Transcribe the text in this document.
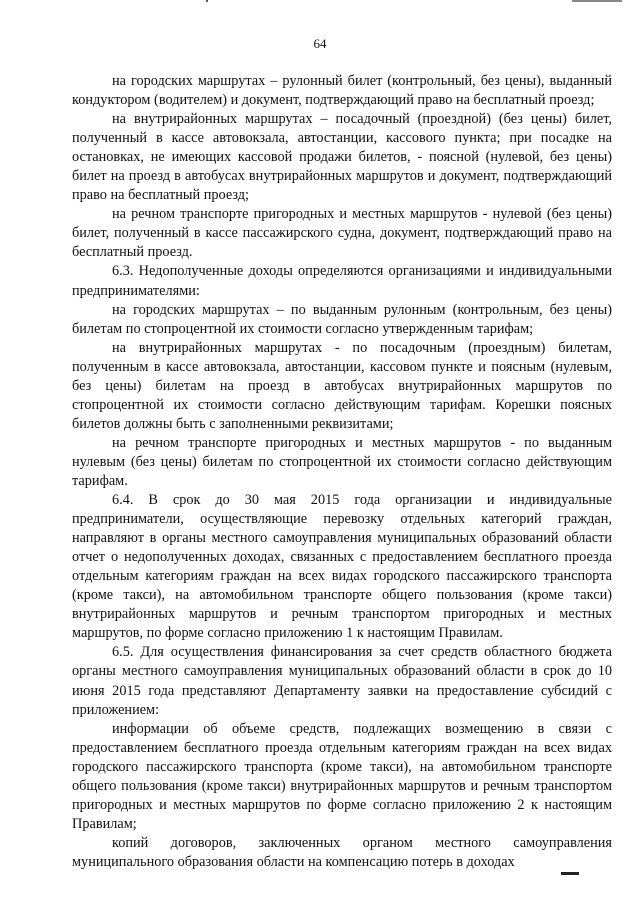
64

на городских маршрутах – рулонный билет (контрольный, без цены), выданный кондуктором (водителем) и документ, подтверждающий право на бесплатный проезд;

на внутрирайонных маршрутах – посадочный (проездной) (без цены) билет, полученный в кассе автовокзала, автостанции, кассового пункта; при посадке на остановках, не имеющих кассовой продажи билетов, - поясной (нулевой, без цены) билет на проезд в автобусах внутрирайонных маршрутов и документ, подтверждающий право на бесплатный проезд;

на речном транспорте пригородных и местных маршрутов - нулевой (без цены) билет, полученный в кассе пассажирского судна, документ, подтверждающий право на бесплатный проезд.

6.3. Недополученные доходы определяются организациями и индивидуальными предпринимателями:

на городских маршрутах – по выданным рулонным (контрольным, без цены) билетам по стопроцентной их стоимости согласно утвержденным тарифам;

на внутрирайонных маршрутах - по посадочным (проездным) билетам, полученным в кассе автовокзала, автостанции, кассовом пункте и поясным (нулевым, без цены) билетам на проезд в автобусах внутрирайонных маршрутов по стопроцентной их стоимости согласно действующим тарифам. Корешки поясных билетов должны быть с заполненными реквизитами;

на речном транспорте пригородных и местных маршрутов - по выданным нулевым (без цены) билетам по стопроцентной их стоимости согласно действующим тарифам.

6.4. В срок до 30 мая 2015 года организации и индивидуальные предприниматели, осуществляющие перевозку отдельных категорий граждан, направляют в органы местного самоуправления муниципальных образований области отчет о недополученных доходах, связанных с предоставлением бесплатного проезда отдельным категориям граждан на всех видах городского пассажирского транспорта (кроме такси), на автомобильном транспорте общего пользования (кроме такси) внутрирайонных маршрутов и речным транспортом пригородных и местных маршрутов, по форме согласно приложению 1 к настоящим Правилам.

6.5. Для осуществления финансирования за счет средств областного бюджета органы местного самоуправления муниципальных образований области в срок до 10 июня 2015 года представляют Департаменту заявки на предоставление субсидий с приложением:

информации об объеме средств, подлежащих возмещению в связи с предоставлением бесплатного проезда отдельным категориям граждан на всех видах городского пассажирского транспорта (кроме такси), на автомобильном транспорте общего пользования (кроме такси) внутрирайонных маршрутов и речным транспортом пригородных и местных маршрутов по форме согласно приложению 2 к настоящим Правилам;

копий договоров, заключенных органом местного самоуправления муниципального образования области на компенсацию потерь в доходах
